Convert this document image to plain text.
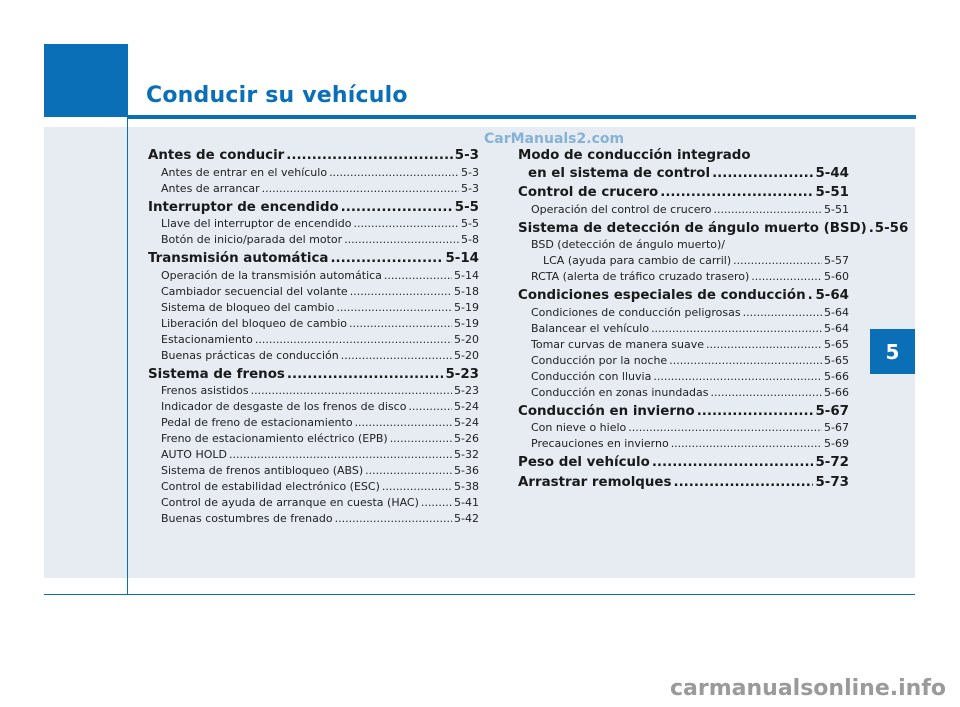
Conducir su vehículo
5
CarManuals2.com
Antes de conducir .....	5-3
Antes de entrar en el vehículo .....	5-3
Antes de arrancar .....	5-3
Interruptor de encendido .....	5-5
Llave del interruptor de encendido .....	5-5
Botón de inicio/parada del motor .....	5-8
Transmisión automática .....	5-14
Operación de la transmisión automática .....	5-14
Cambiador secuencial del volante .....	5-18
Sistema de bloqueo del cambio .....	5-19
Liberación del bloqueo de cambio .....	5-19
Estacionamiento .....	5-20
Buenas prácticas de conducción .....	5-20
Sistema de frenos .....	5-23
Frenos asistidos .....	5-23
Indicador de desgaste de los frenos de disco .....	5-24
Pedal de freno de estacionamiento .....	5-24
Freno de estacionamiento eléctrico (EPB) .....	5-26
AUTO HOLD .....	5-32
Sistema de frenos antibloqueo (ABS) .....	5-36
Control de estabilidad electrónico (ESC) .....	5-38
Control de ayuda de arranque en cuesta (HAC) .....	5-41
Buenas costumbres de frenado .....	5-42
Modo de conducción integrado
en el sistema de control .....	5-44
Control de crucero .....	5-51
Operación del control de crucero .....	5-51
Sistema de detección de ángulo muerto (BSD) ..... 5-56
BSD (detección de ángulo muerto)/
LCA (ayuda para cambio de carril) .....	5-57
RCTA (alerta de tráfico cruzado trasero) .....	5-60
Condiciones especiales de conducción ..... 5-64
Condiciones de conducción peligrosas .....	5-64
Balancear el vehículo .....	5-64
Tomar curvas de manera suave .....	5-65
Conducción por la noche .....	5-65
Conducción con lluvia .....	5-66
Conducción en zonas inundadas .....	5-66
Conducción en invierno .....	5-67
Con nieve o hielo .....	5-67
Precauciones en invierno .....	5-69
Peso del vehículo .....	5-72
Arrastrar remolques .....	5-73
carmanualsonline.info
